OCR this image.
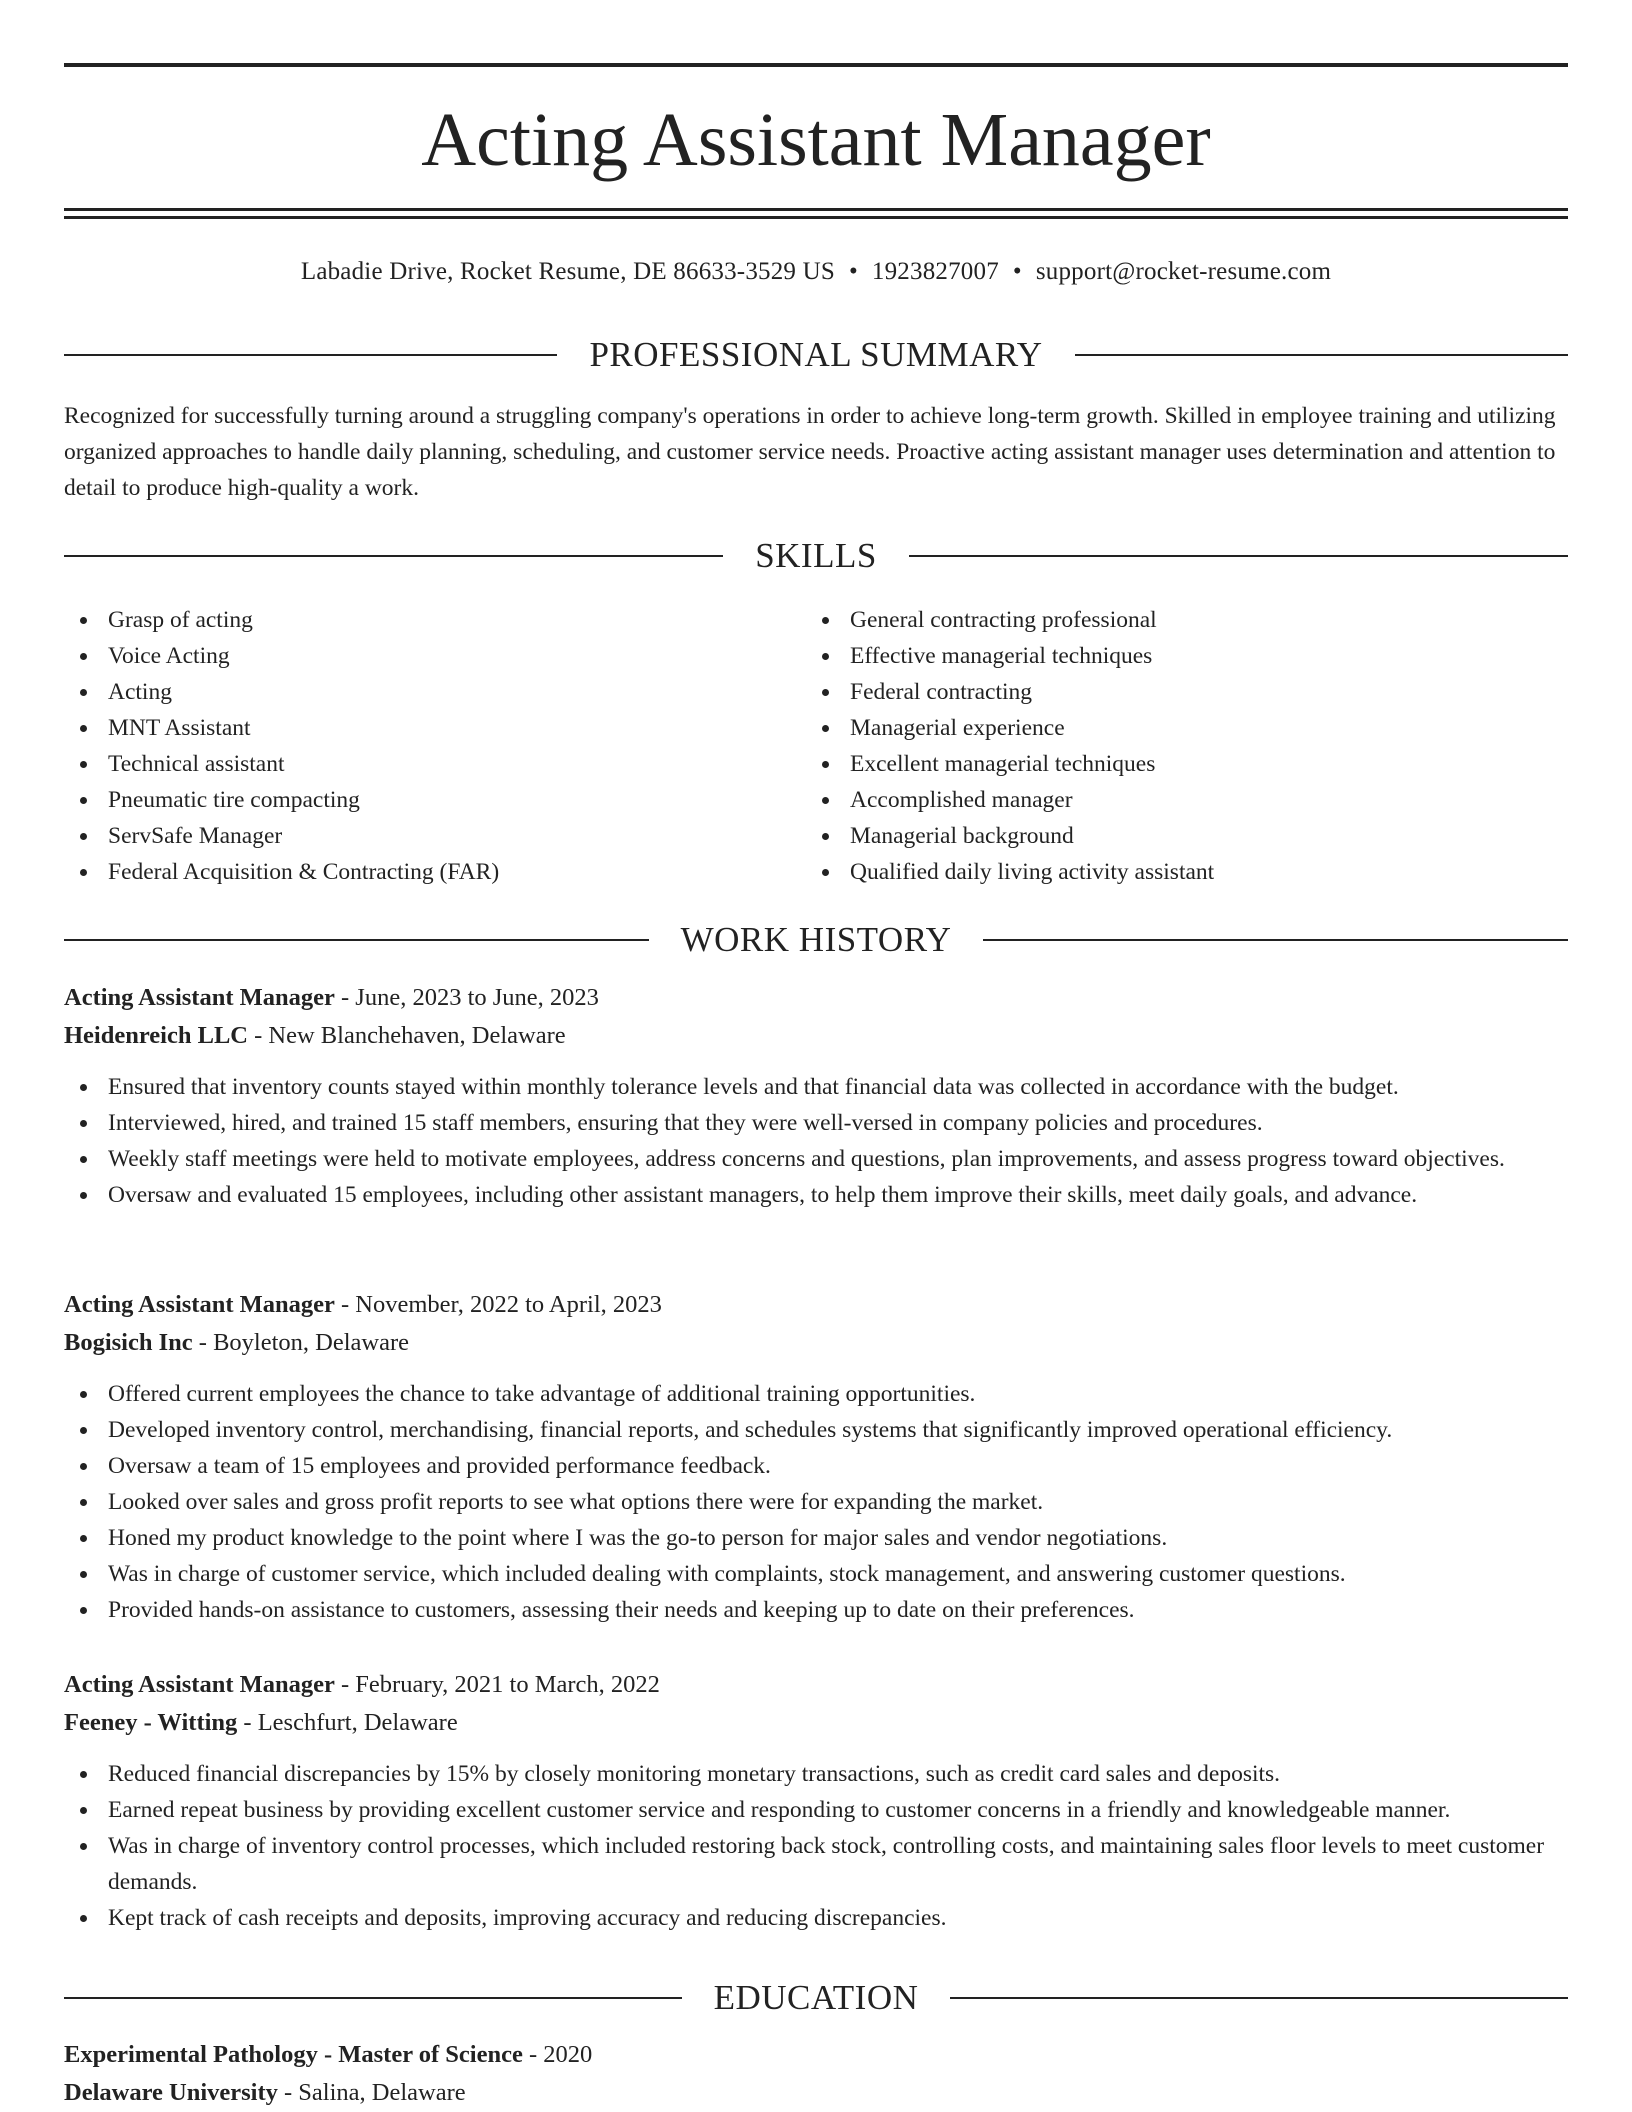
Acting Assistant Manager
Labadie Drive, Rocket Resume, DE 86633-3529 US • 1923827007 • support@rocket-resume.com
PROFESSIONAL SUMMARY

Recognized for successfully turning around a struggling company's operations in order to achieve long-term growth. Skilled in employee training and utilizing organized approaches to handle daily planning, scheduling, and customer service needs. Proactive acting assistant manager uses determination and attention to detail to produce high-quality a work.

SKILLS
Grasp of acting
Voice Acting
Acting
MNT Assistant
Technical assistant
Pneumatic tire compacting
ServSafe Manager
Federal Acquisition & Contracting (FAR)
General contracting professional
Effective managerial techniques
Federal contracting
Managerial experience
Excellent managerial techniques
Accomplished manager
Managerial background
Qualified daily living activity assistant
WORK HISTORY
Acting Assistant Manager - June, 2023 to June, 2023
Heidenreich LLC - New Blanchehaven, Delaware
Ensured that inventory counts stayed within monthly tolerance levels and that financial data was collected in accordance with the budget.
Interviewed, hired, and trained 15 staff members, ensuring that they were well-versed in company policies and procedures.
Weekly staff meetings were held to motivate employees, address concerns and questions, plan improvements, and assess progress toward objectives.
Oversaw and evaluated 15 employees, including other assistant managers, to help them improve their skills, meet daily goals, and advance.
Acting Assistant Manager - November, 2022 to April, 2023
Bogisich Inc - Boyleton, Delaware
Offered current employees the chance to take advantage of additional training opportunities.
Developed inventory control, merchandising, financial reports, and schedules systems that significantly improved operational efficiency.
Oversaw a team of 15 employees and provided performance feedback.
Looked over sales and gross profit reports to see what options there were for expanding the market.
Honed my product knowledge to the point where I was the go-to person for major sales and vendor negotiations.
Was in charge of customer service, which included dealing with complaints, stock management, and answering customer questions.
Provided hands-on assistance to customers, assessing their needs and keeping up to date on their preferences.
Acting Assistant Manager - February, 2021 to March, 2022
Feeney - Witting - Leschfurt, Delaware
Reduced financial discrepancies by 15% by closely monitoring monetary transactions, such as credit card sales and deposits.
Earned repeat business by providing excellent customer service and responding to customer concerns in a friendly and knowledgeable manner.
Was in charge of inventory control processes, which included restoring back stock, controlling costs, and maintaining sales floor levels to meet customer demands.
Kept track of cash receipts and deposits, improving accuracy and reducing discrepancies.
EDUCATION
Experimental Pathology - Master of Science - 2020
Delaware University - Salina, Delaware
